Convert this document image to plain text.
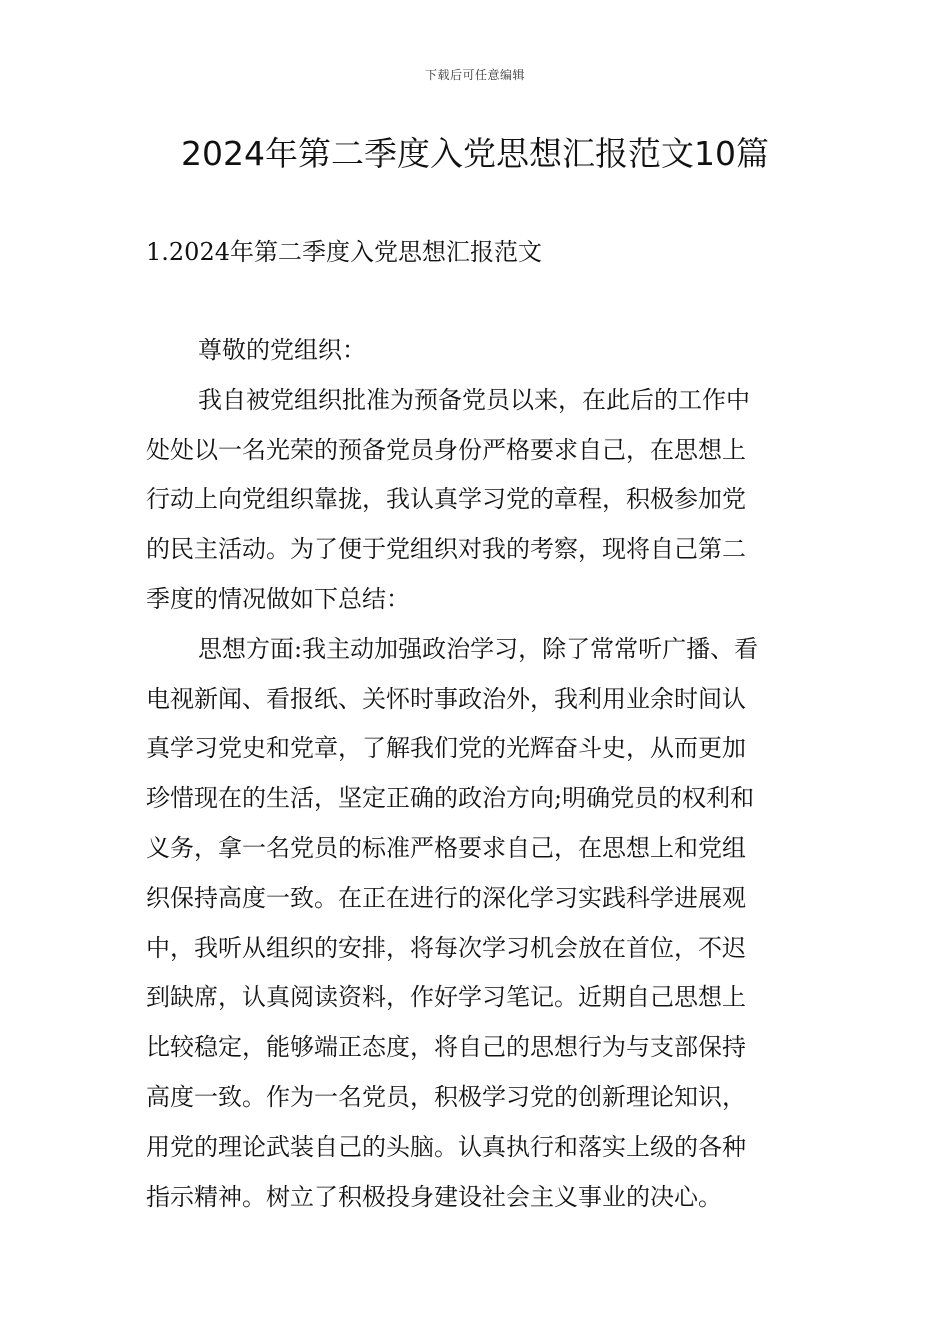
下载后可任意编辑
2024年第二季度入党思想汇报范文10篇
1.2024年第二季度入党思想汇报范文
尊敬的党组织：
我自被党组织批准为预备党员以来，在此后的工作中
处处以一名光荣的预备党员身份严格要求自己，在思想上
行动上向党组织靠拢，我认真学习党的章程，积极参加党
的民主活动。为了便于党组织对我的考察，现将自己第二
季度的情况做如下总结：
思想方面:我主动加强政治学习，除了常常听广播、看
电视新闻、看报纸、关怀时事政治外，我利用业余时间认
真学习党史和党章，了解我们党的光辉奋斗史，从而更加
珍惜现在的生活，坚定正确的政治方向;明确党员的权利和
义务，拿一名党员的标准严格要求自己，在思想上和党组
织保持高度一致。在正在进行的深化学习实践科学进展观
中，我听从组织的安排，将每次学习机会放在首位，不迟
到缺席，认真阅读资料，作好学习笔记。近期自己思想上
比较稳定，能够端正态度，将自己的思想行为与支部保持
高度一致。作为一名党员，积极学习党的创新理论知识，
用党的理论武装自己的头脑。认真执行和落实上级的各种
指示精神。树立了积极投身建设社会主义事业的决心。
